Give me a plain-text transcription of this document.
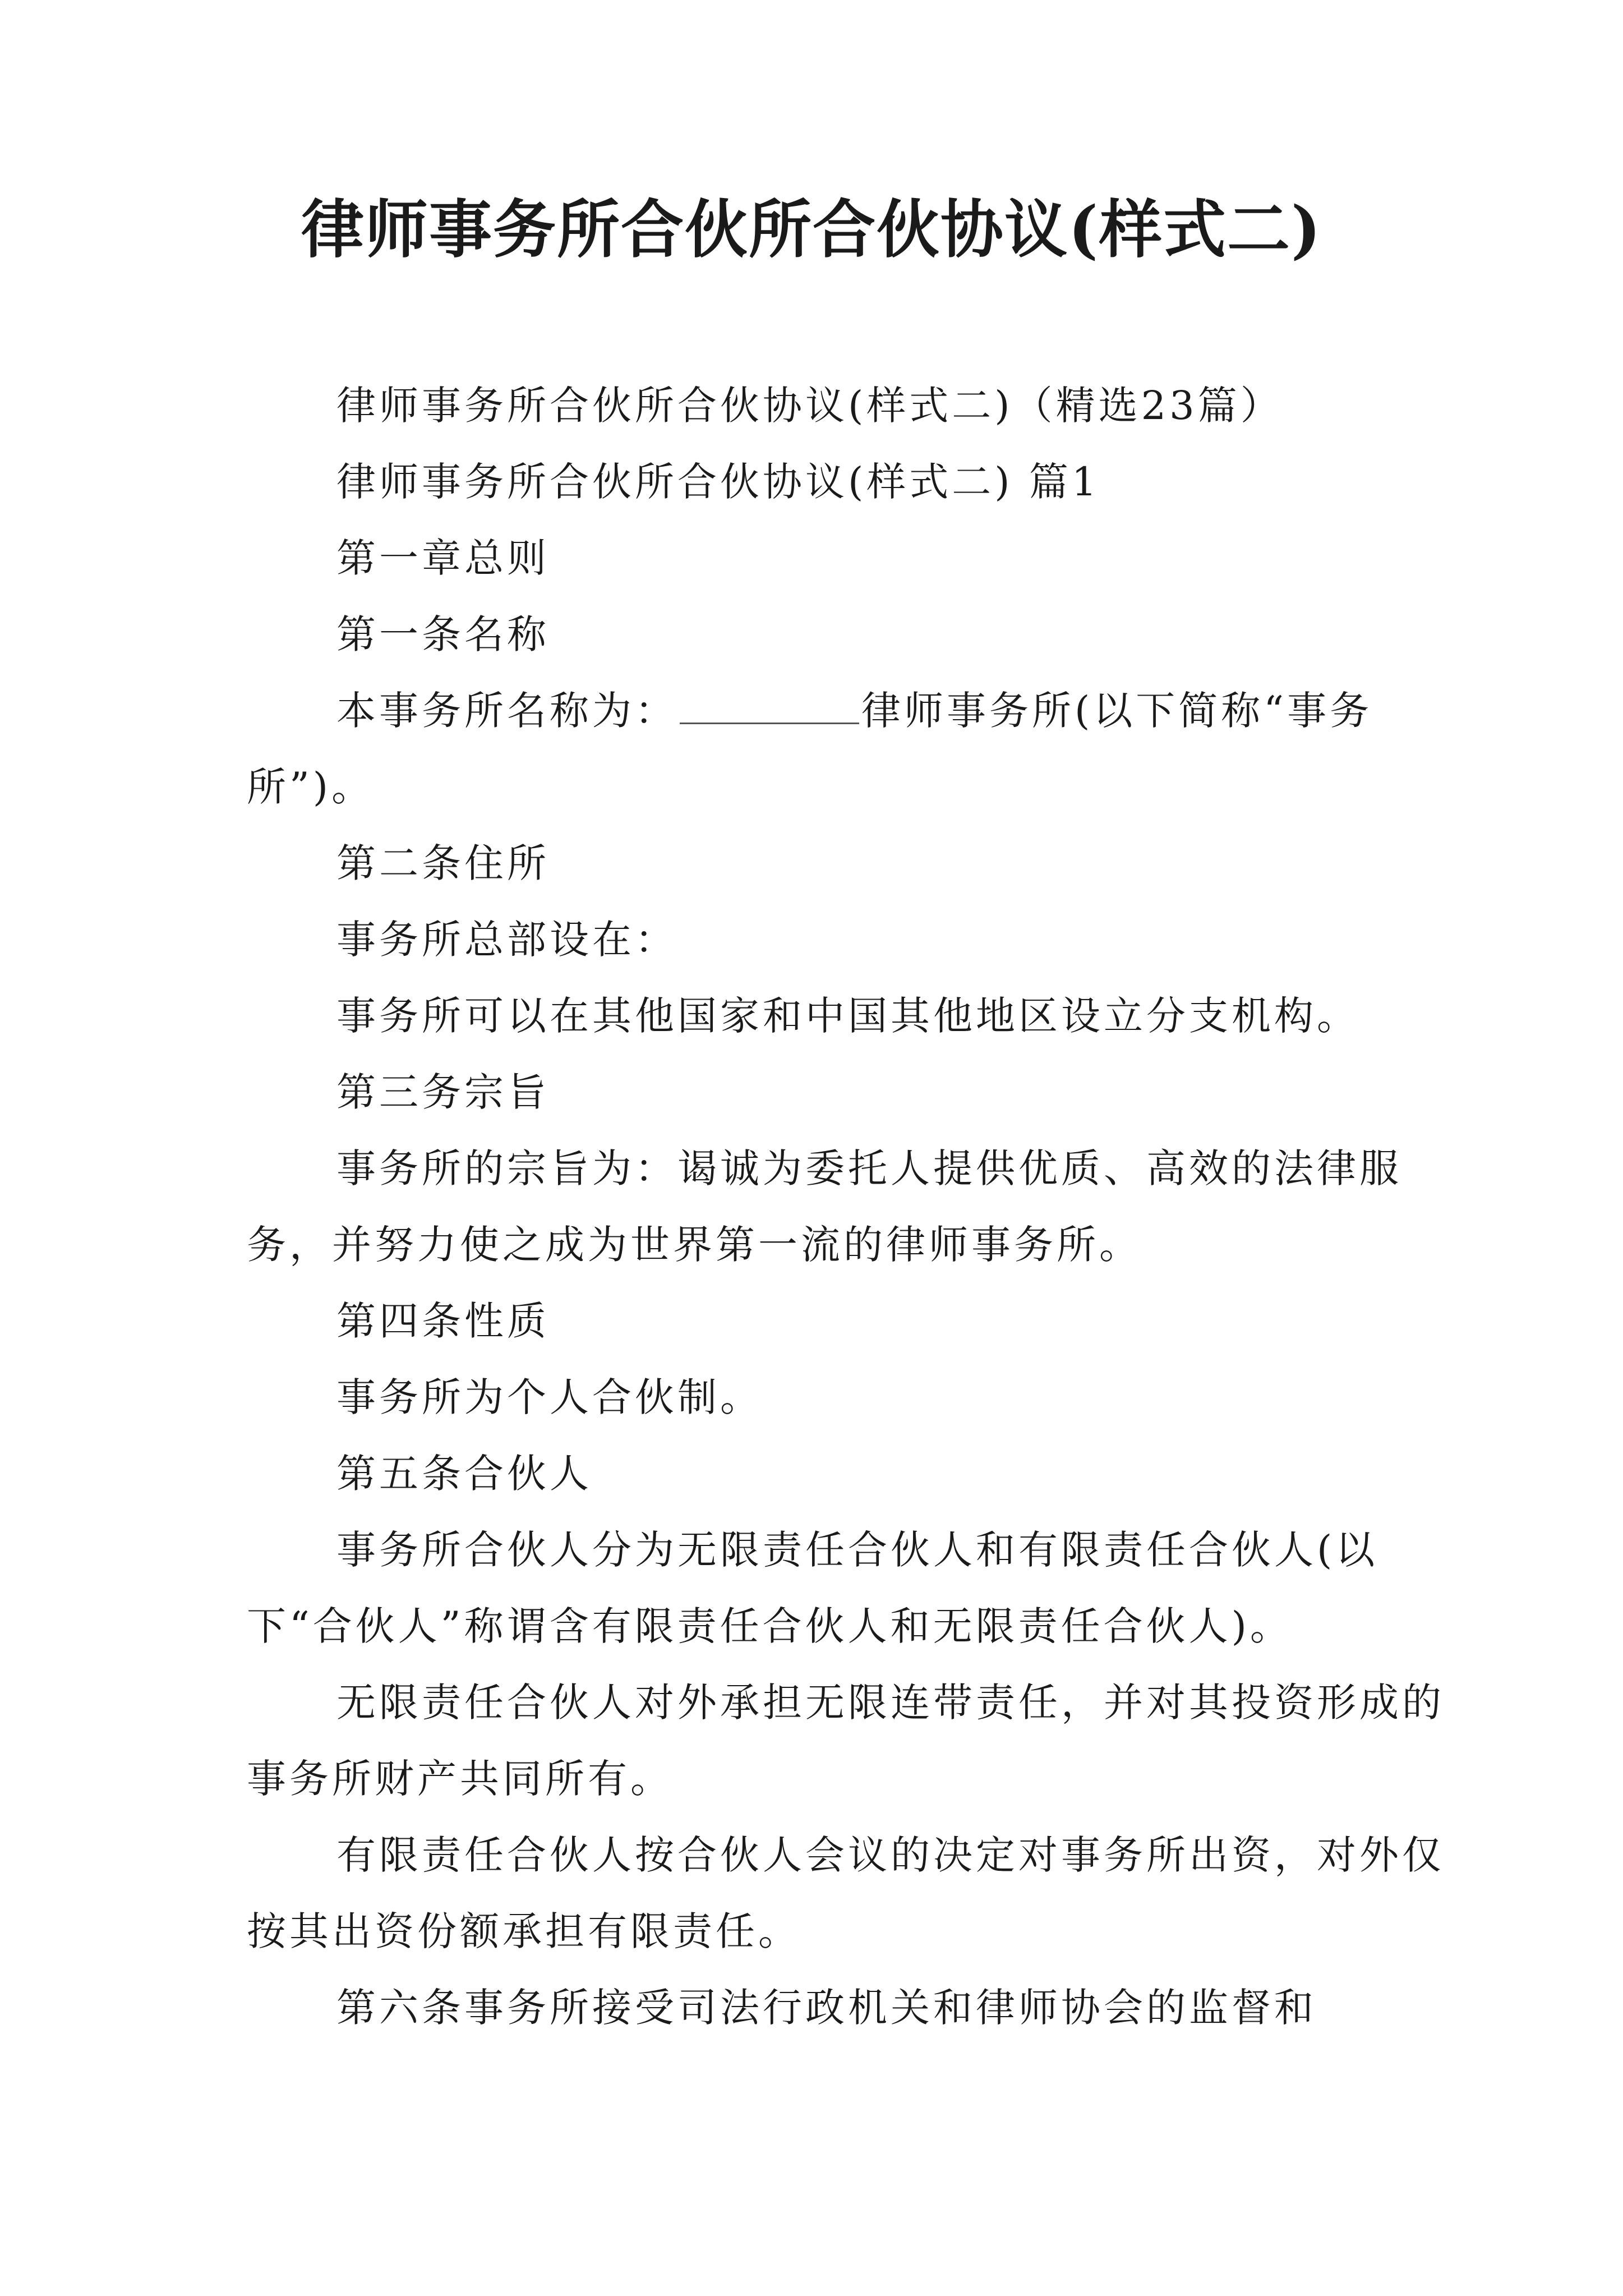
律师事务所合伙所合伙协议(样式二)

律师事务所合伙所合伙协议(样式二)（精选23篇）

律师事务所合伙所合伙协议(样式二) 篇1

第一章总则

第一条名称

本事务所名称为：	律师事务所(以下简称“事务所”)。

第二条住所

事务所总部设在：

事务所可以在其他国家和中国其他地区设立分支机构。

第三务宗旨

事务所的宗旨为：谒诚为委托人提供优质、高效的法律服务，并努力使之成为世界第一流的律师事务所。

第四条性质

事务所为个人合伙制。

第五条合伙人

事务所合伙人分为无限责任合伙人和有限责任合伙人(以下“合伙人”称谓含有限责任合伙人和无限责任合伙人)。

无限责任合伙人对外承担无限连带责任，并对其投资形成的事务所财产共同所有。

有限责任合伙人按合伙人会议的决定对事务所出资，对外仅按其出资份额承担有限责任。

第六条事务所接受司法行政机关和律师协会的监督和
